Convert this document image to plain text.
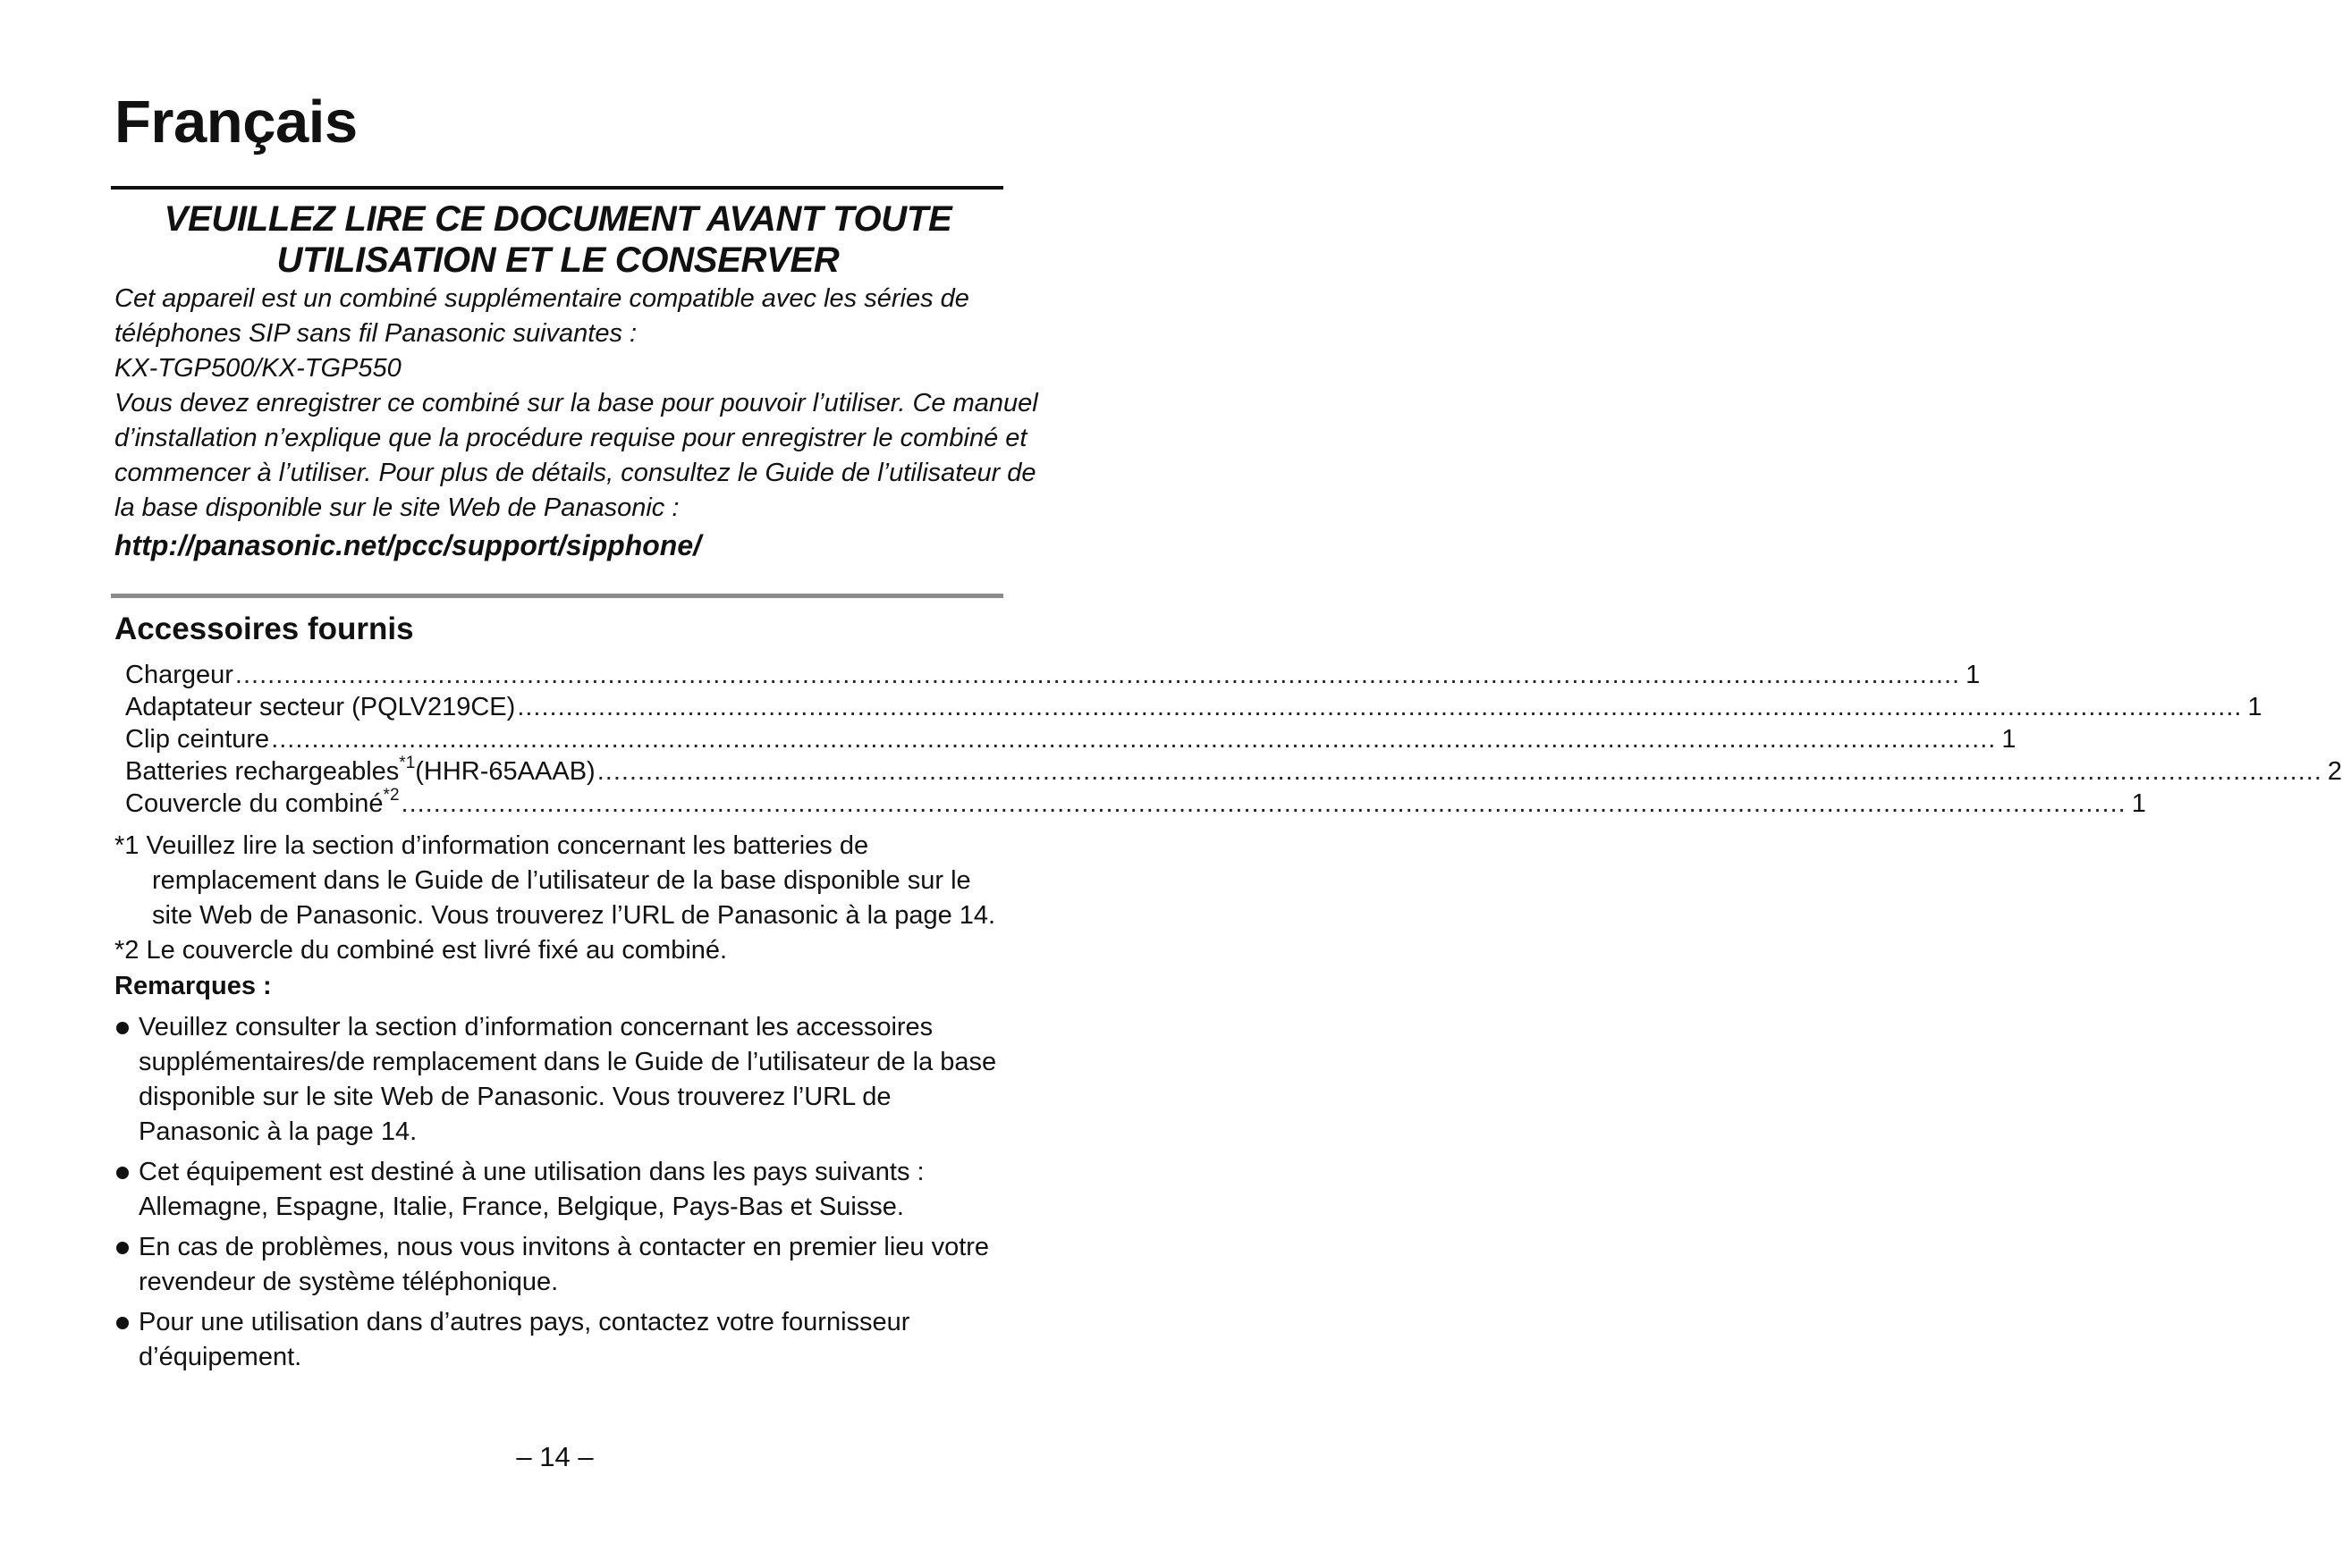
Français
VEUILLEZ LIRE CE DOCUMENT AVANT TOUTE
UTILISATION ET LE CONSERVER

Cet appareil est un combiné supplémentaire compatible avec les séries de

téléphones SIP sans fil Panasonic suivantes :

KX-TGP500/KX-TGP550

Vous devez enregistrer ce combiné sur la base pour pouvoir l’utiliser. Ce manuel

d’installation n’explique que la procédure requise pour enregistrer le combiné et

commencer à l’utiliser. Pour plus de détails, consultez le Guide de l’utilisateur de

la base disponible sur le site Web de Panasonic :

http://panasonic.net/pcc/support/sipphone/

Accessoires fournis
Chargeur ..................................................................................................................................................................................................................... 1
Adaptateur secteur (PQLV219CE) ..................................................................................................................................................................................................................... 1
Clip ceinture ..................................................................................................................................................................................................................... 1
Batteries rechargeables$^{*1}$(HHR-65AAAB) ..................................................................................................................................................................................................................... 2
Couvercle du combiné$^{*2}$ ..................................................................................................................................................................................................................... 1

*1 Veuillez lire la section d’information concernant les batteries de remplacement dans le Guide de l’utilisateur de la base disponible sur le site Web de Panasonic. Vous trouverez l’URL de Panasonic à la page 14.

*2 Le couvercle du combiné est livré fixé au combiné.

Remarques :
Veuillez consulter la section d’information concernant les accessoires supplémentaires/de remplacement dans le Guide de l’utilisateur de la base disponible sur le site Web de Panasonic. Vous trouverez l’URL de Panasonic à la page 14.
Cet équipement est destiné à une utilisation dans les pays suivants : Allemagne, Espagne, Italie, France, Belgique, Pays-Bas et Suisse.
En cas de problèmes, nous vous invitons à contacter en premier lieu votre revendeur de système téléphonique.
Pour une utilisation dans d’autres pays, contactez votre fournisseur d’équipement.
– 14 –
